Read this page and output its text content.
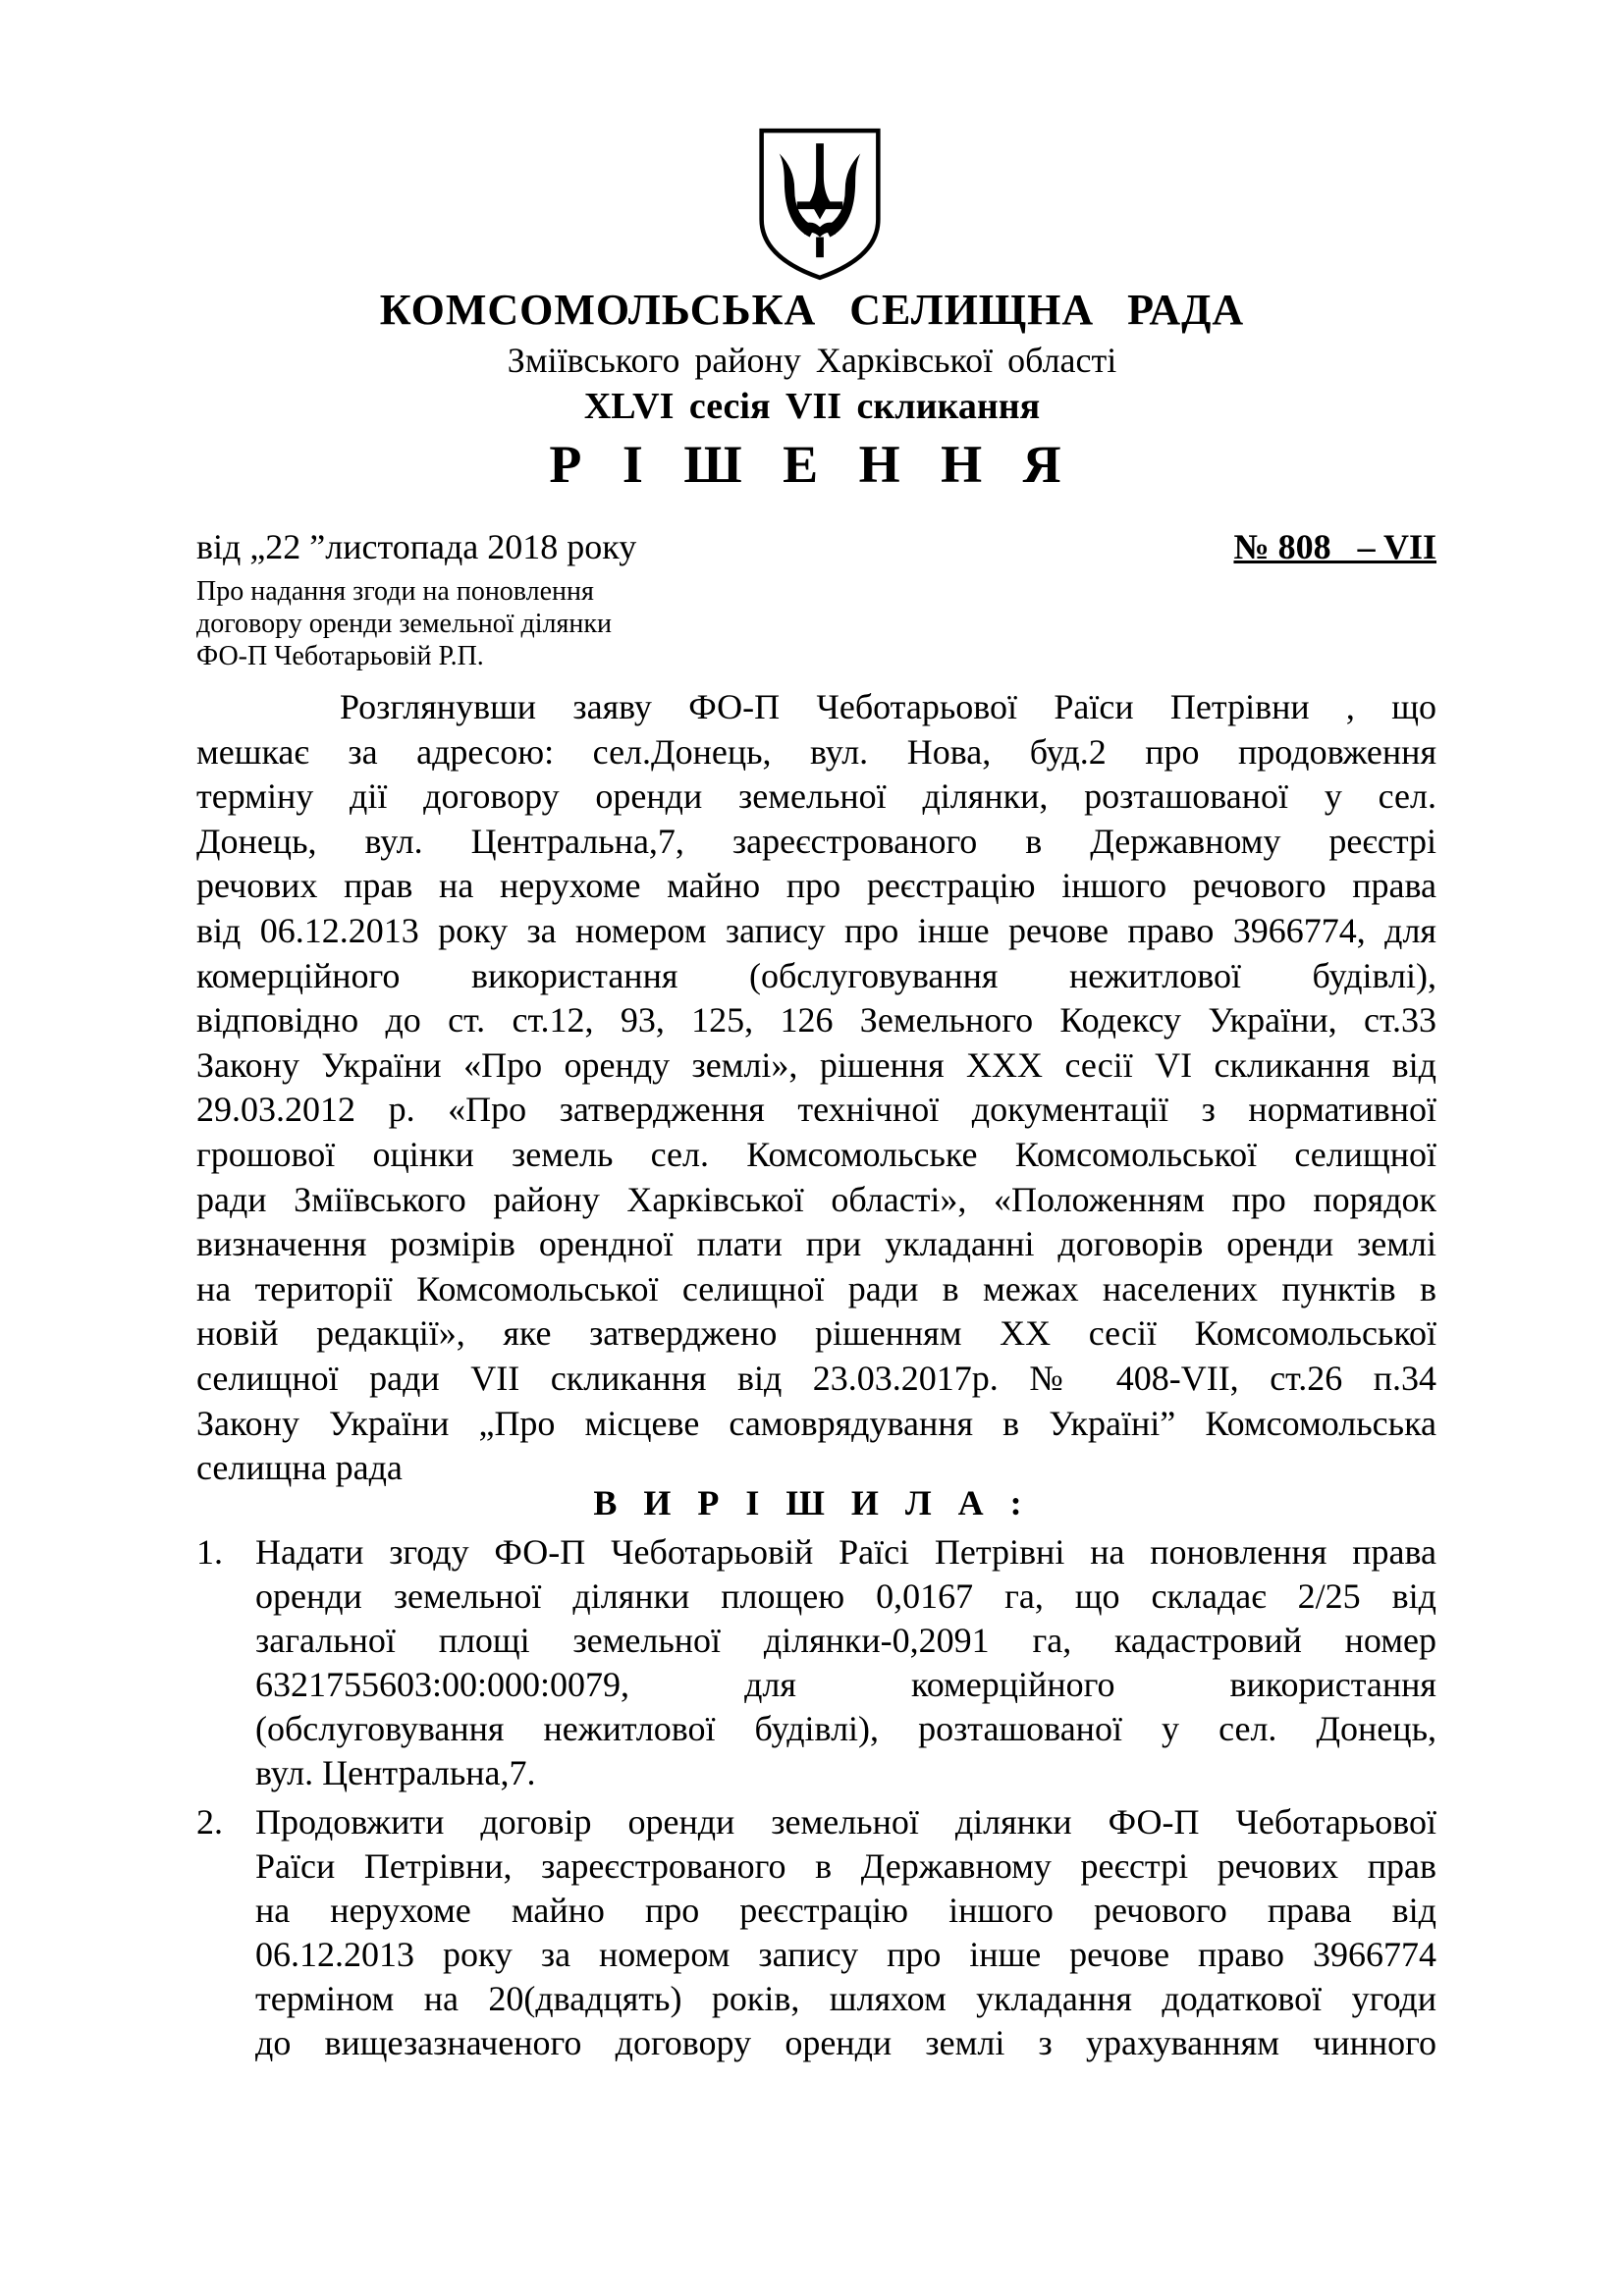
КОМСОМОЛЬСЬКА СЕЛИЩНА РАДА
Зміївського району Харківської області
XLVI сесія VII скликання
Р І Ш Е Н Н Я
від „22 ”листопада 2018 року	№ 808   – VII
Про надання згоди на поновлення
договору оренди земельної ділянки
ФО-П Чеботарьовій Р.П.
Розглянувши заяву ФО-П Чеботарьової Раїси Петрівни , що
мешкає за адресою: сел.Донець, вул. Нова, буд.2 про продовження
терміну дії договору оренди земельної ділянки, розташованої у сел.
Донець, вул. Центральна,7, зареєстрованого в Державному реєстрі
речових прав на нерухоме майно про реєстрацію іншого речового права
від 06.12.2013 року за номером запису про інше речове право 3966774, для
комерційного використання (обслуговування нежитлової будівлі),
відповідно до ст. ст.12, 93, 125, 126 Земельного Кодексу України, ст.33
Закону України «Про оренду землі», рішення ХХХ сесії VІ скликання від
29.03.2012 р. «Про затвердження технічної документації з нормативної
грошової оцінки земель сел. Комсомольське Комсомольської селищної
ради Зміївського району Харківської області», «Положенням про порядок
визначення розмірів орендної плати при укладанні договорів оренди землі
на території Комсомольської селищної ради в межах населених пунктів в
новій редакції», яке затверджено рішенням ХХ сесії Комсомольської
селищної ради VII скликання від 23.03.2017р. № 408-VII, ст.26 п.34
Закону України „Про місцеве самоврядування в Україні” Комсомольська
селищна рада
В И Р І Ш И Л А :
1. Надати згоду ФО-П Чеботарьовій Раїсі Петрівні на поновлення права
оренди земельної ділянки площею 0,0167 га, що складає 2/25 від
загальної площі земельної ділянки-0,2091 га, кадастровий номер
6321755603:00:000:0079,	для	комерційного	використання
(обслуговування нежитлової будівлі), розташованої у сел. Донець,
вул. Центральна,7.
2. Продовжити договір оренди земельної ділянки ФО-П Чеботарьової
Раїси Петрівни, зареєстрованого в Державному реєстрі речових прав
на нерухоме майно про реєстрацію іншого речового права від
06.12.2013 року за номером запису про інше речове право 3966774
терміном на 20(двадцять) років, шляхом укладання додаткової угоди
до вищезазначеного договору оренди землі з урахуванням чинного
